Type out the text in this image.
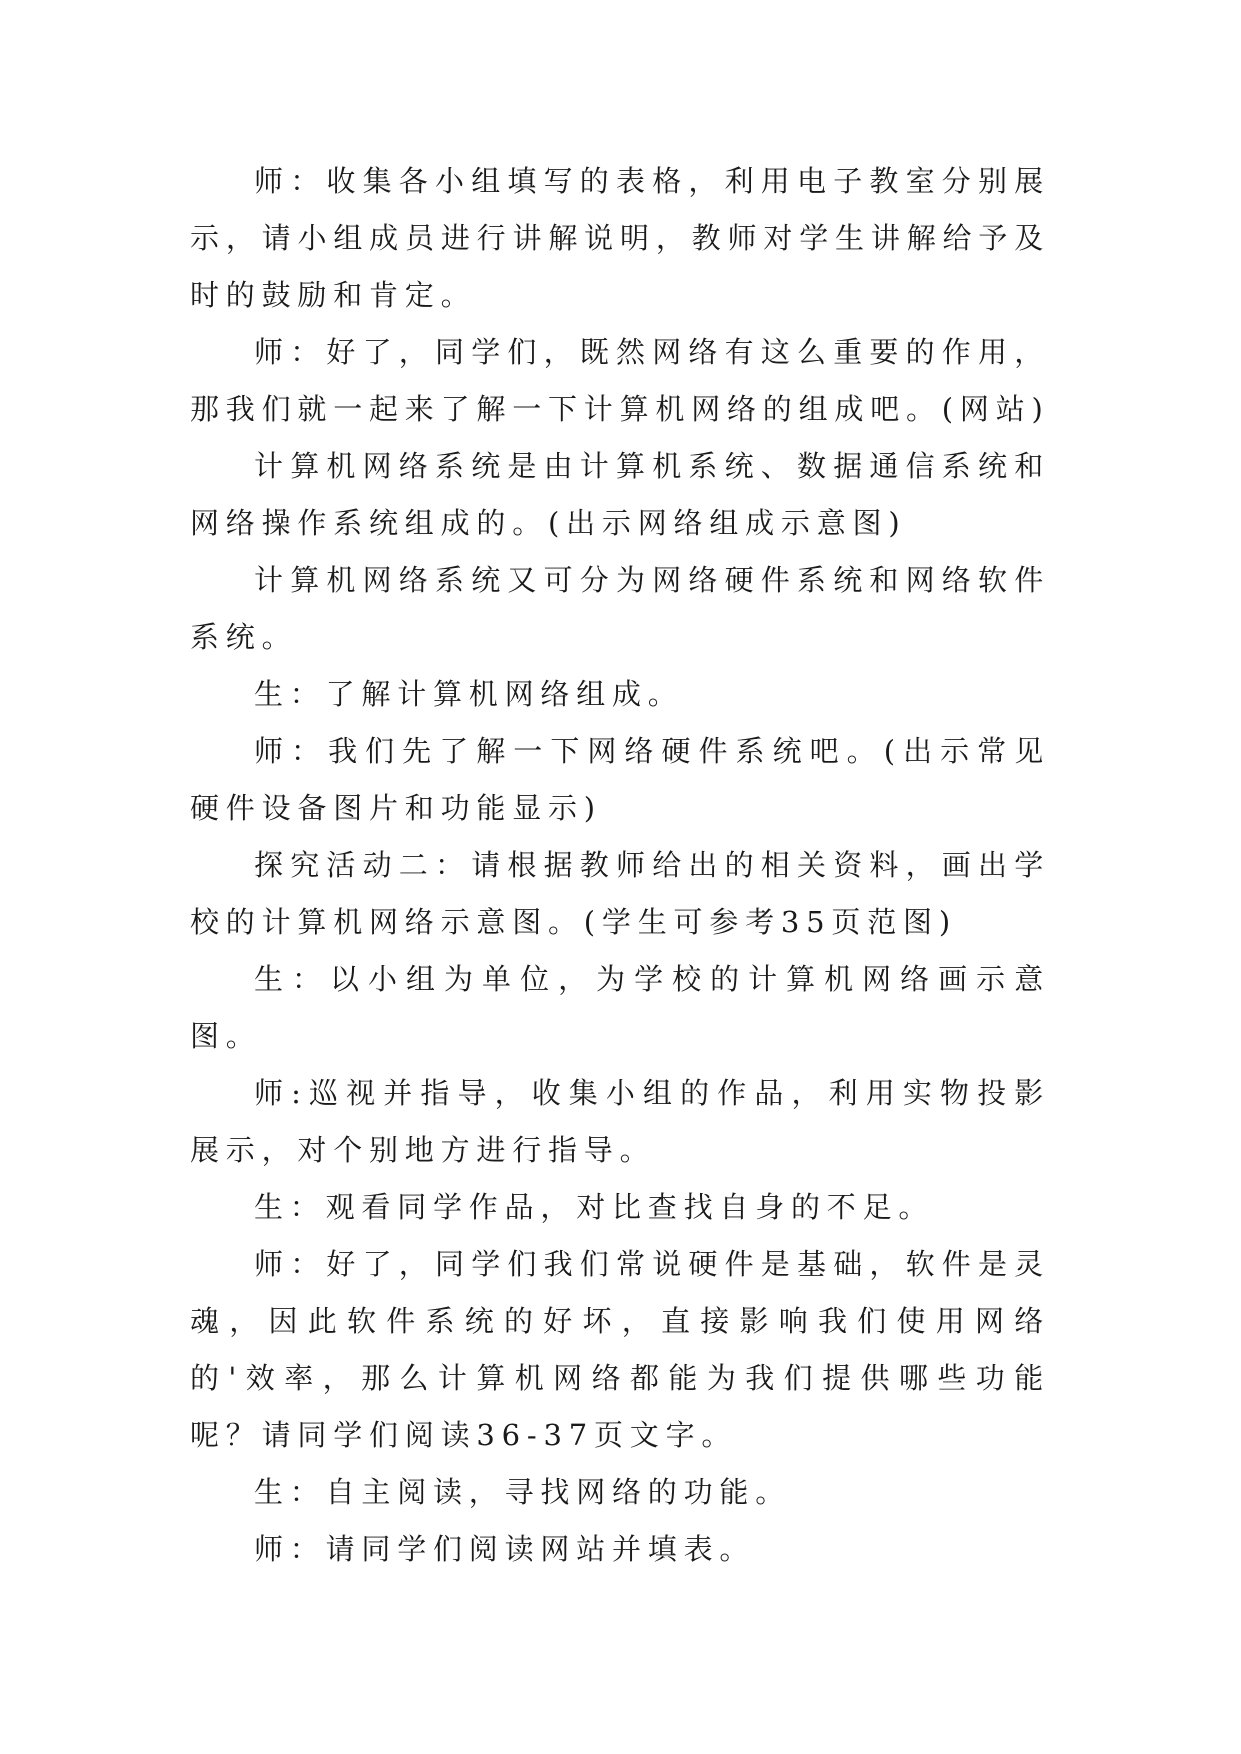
师：收集各小组填写的表格，利用电子教室分别展示，请小组成员进行讲解说明，教师对学生讲解给予及时的鼓励和肯定。

师：好了，同学们，既然网络有这么重要的作用，那我们就一起来了解一下计算机网络的组成吧。(网站)

计算机网络系统是由计算机系统、数据通信系统和网络操作系统组成的。(出示网络组成示意图)

计算机网络系统又可分为网络硬件系统和网络软件系统。

生：了解计算机网络组成。

师：我们先了解一下网络硬件系统吧。(出示常见硬件设备图片和功能显示)

探究活动二：请根据教师给出的相关资料，画出学校的计算机网络示意图。(学生可参考35页范图)

生：以小组为单位，为学校的计算机网络画示意图。

师:巡视并指导，收集小组的作品，利用实物投影展示，对个别地方进行指导。

生：观看同学作品，对比查找自身的不足。

师：好了，同学们我们常说硬件是基础，软件是灵魂，因此软件系统的好坏，直接影响我们使用网络的'效率，那么计算机网络都能为我们提供哪些功能呢？请同学们阅读36-37页文字。

生：自主阅读，寻找网络的功能。

师：请同学们阅读网站并填表。
